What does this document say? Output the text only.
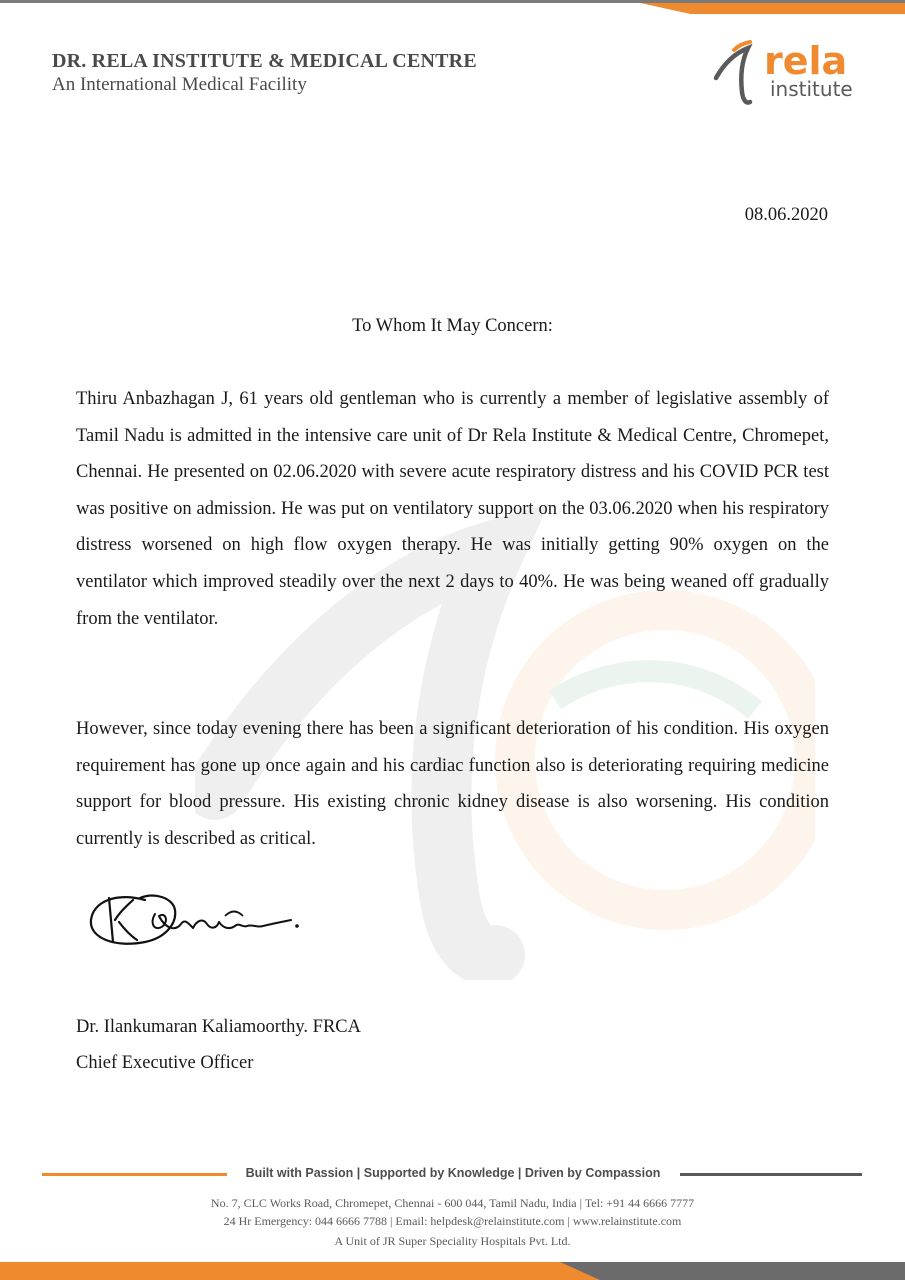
DR. RELA INSTITUTE & MEDICAL CENTRE
An International Medical Facility
rela
institute
08.06.2020
To Whom It May Concern:

Thiru Anbazhagan J, 61 years old gentleman who is currently a member of legislative assembly of Tamil Nadu is admitted in the intensive care unit of Dr Rela Institute & Medical Centre, Chromepet, Chennai. He presented on 02.06.2020 with severe acute respiratory distress and his COVID PCR test was positive on admission. He was put on ventilatory support on the 03.06.2020 when his respiratory distress worsened on high flow oxygen therapy. He was initially getting 90% oxygen on the ventilator which improved steadily over the next 2 days to 40%. He was being weaned off gradually from the ventilator.

However, since today evening there has been a significant deterioration of his condition. His oxygen requirement has gone up once again and his cardiac function also is deteriorating requiring medicine support for blood pressure. His existing chronic kidney disease is also worsening. His condition currently is described as critical.

Dr. Ilankumaran Kaliamoorthy. FRCA
Chief Executive Officer
Built with Passion | Supported by Knowledge | Driven by Compassion
No. 7, CLC Works Road, Chromepet, Chennai - 600 044, Tamil Nadu, India | Tel: +91 44 6666 7777
24 Hr Emergency: 044 6666 7788 | Email: helpdesk@relainstitute.com | www.relainstitute.com
A Unit of JR Super Speciality Hospitals Pvt. Ltd.
